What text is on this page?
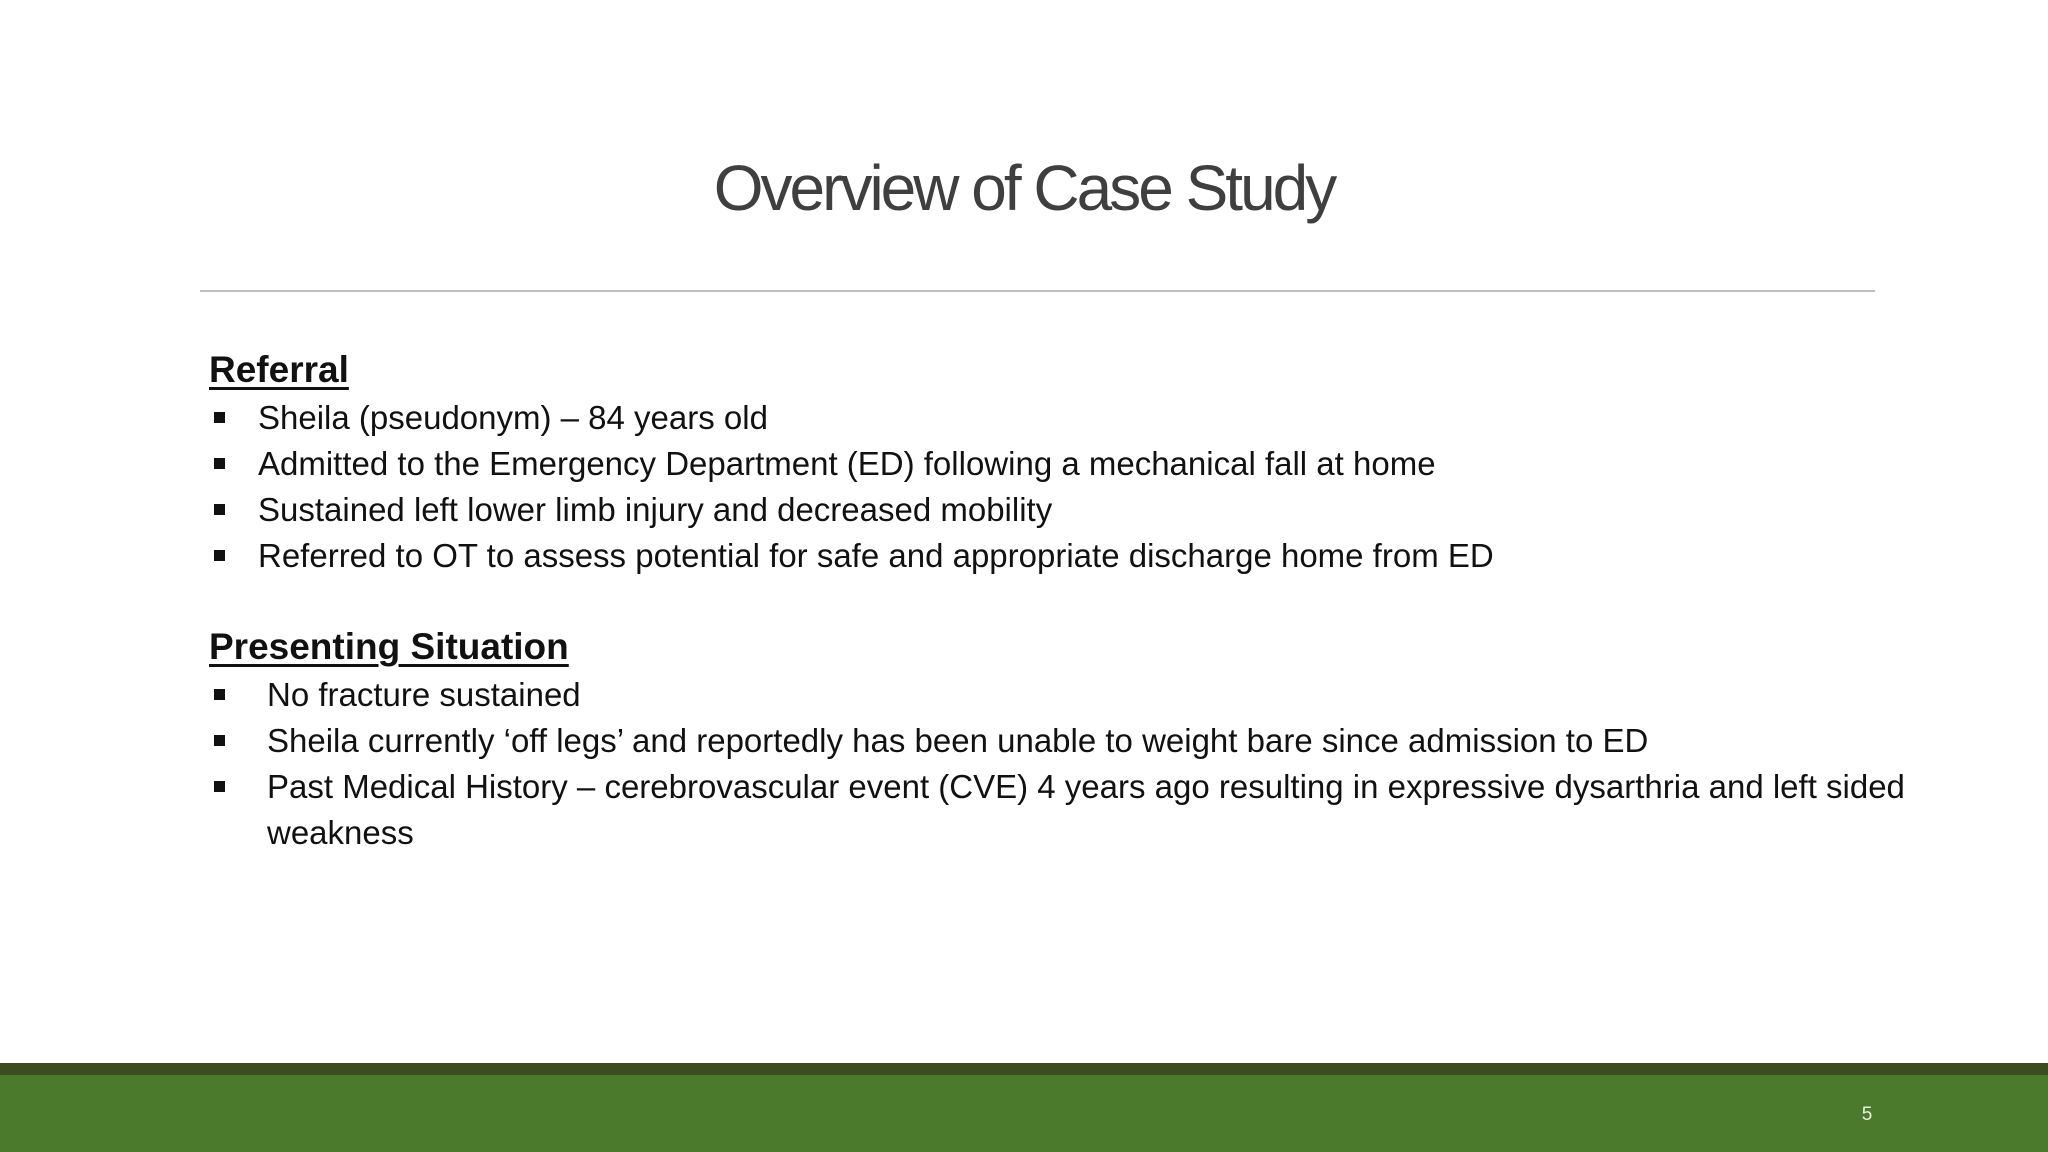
Overview of Case Study
Referral
Sheila (pseudonym) – 84 years old
Admitted to the Emergency Department (ED) following a mechanical fall at home
Sustained left lower limb injury and decreased mobility
Referred to OT to assess potential for safe and appropriate discharge home from ED
Presenting Situation
No fracture sustained
Sheila currently ‘off legs’ and reportedly has been unable to weight bare since admission to ED
Past Medical History – cerebrovascular event (CVE) 4 years ago resulting in expressive dysarthria and left sided weakness
5
